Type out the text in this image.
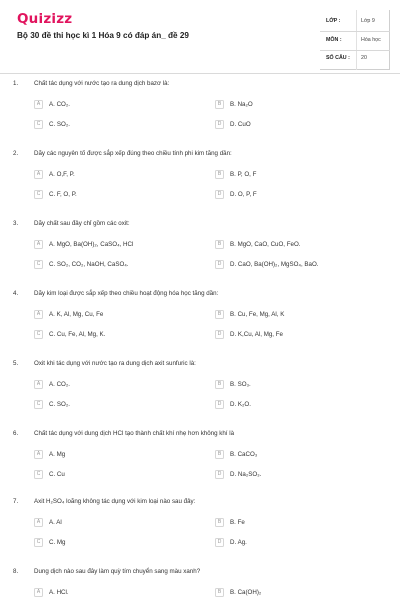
Quizizz
Bộ 30 đề thi học kì 1 Hóa 9 có đáp án_ đề 29
LỚP :	Lớp 9
MÔN :	Hóa học
SỐ CÂU : 20
1.	Chất tác dụng với nước tạo ra dung dịch bazơ là:
A	A. CO₂.	B	B. Na₂O
C	C. SO₂.	D	D. CuO
2.	Dãy các nguyên tố được sắp xếp đúng theo chiều tính phi kim tăng dần:
A	A. O,F, P.	B	B. P, O, F
C	C. F, O, P.	D	D. O, P, F
3.	Dãy chất sau đây chỉ gồm các oxit:
A	A. MgO, Ba(OH)₂, CaSO₄, HCl	B	B. MgO, CaO, CuO, FeO.
C	C. SO₂, CO₂, NaOH, CaSO₄.	D	D. CaO, Ba(OH)₂, MgSO₄, BaO.
4.	Dãy kim loại được sắp xếp theo chiều hoạt động hóa học tăng dần:
A	A. K, Al, Mg, Cu, Fe	B	B. Cu, Fe, Mg, Al, K
C	C. Cu, Fe, Al, Mg, K.	D	D. K,Cu, Al, Mg, Fe
5.	Oxit khi tác dụng với nước tạo ra dung dịch axit sunfuric là:
A	A. CO₂.	B	B. SO₃.
C	C. SO₂.	D	D. K₂O.
6.	Chất tác dụng với dung dịch HCl tạo thành chất khí nhẹ hơn không khí là
A	A. Mg	B	B. CaCO₃
C	C. Cu	D	D. Na₂SO₃.
7.	Axit H₂SO₄ loãng không tác dụng với kim loại nào sau đây:
A	A. Al	B	B. Fe
C	C. Mg	D	D. Ag.
8.	Dung dịch nào sau đây làm quỳ tím chuyển sang màu xanh?
A	A. HCl.	B	B. Ca(OH)₂
